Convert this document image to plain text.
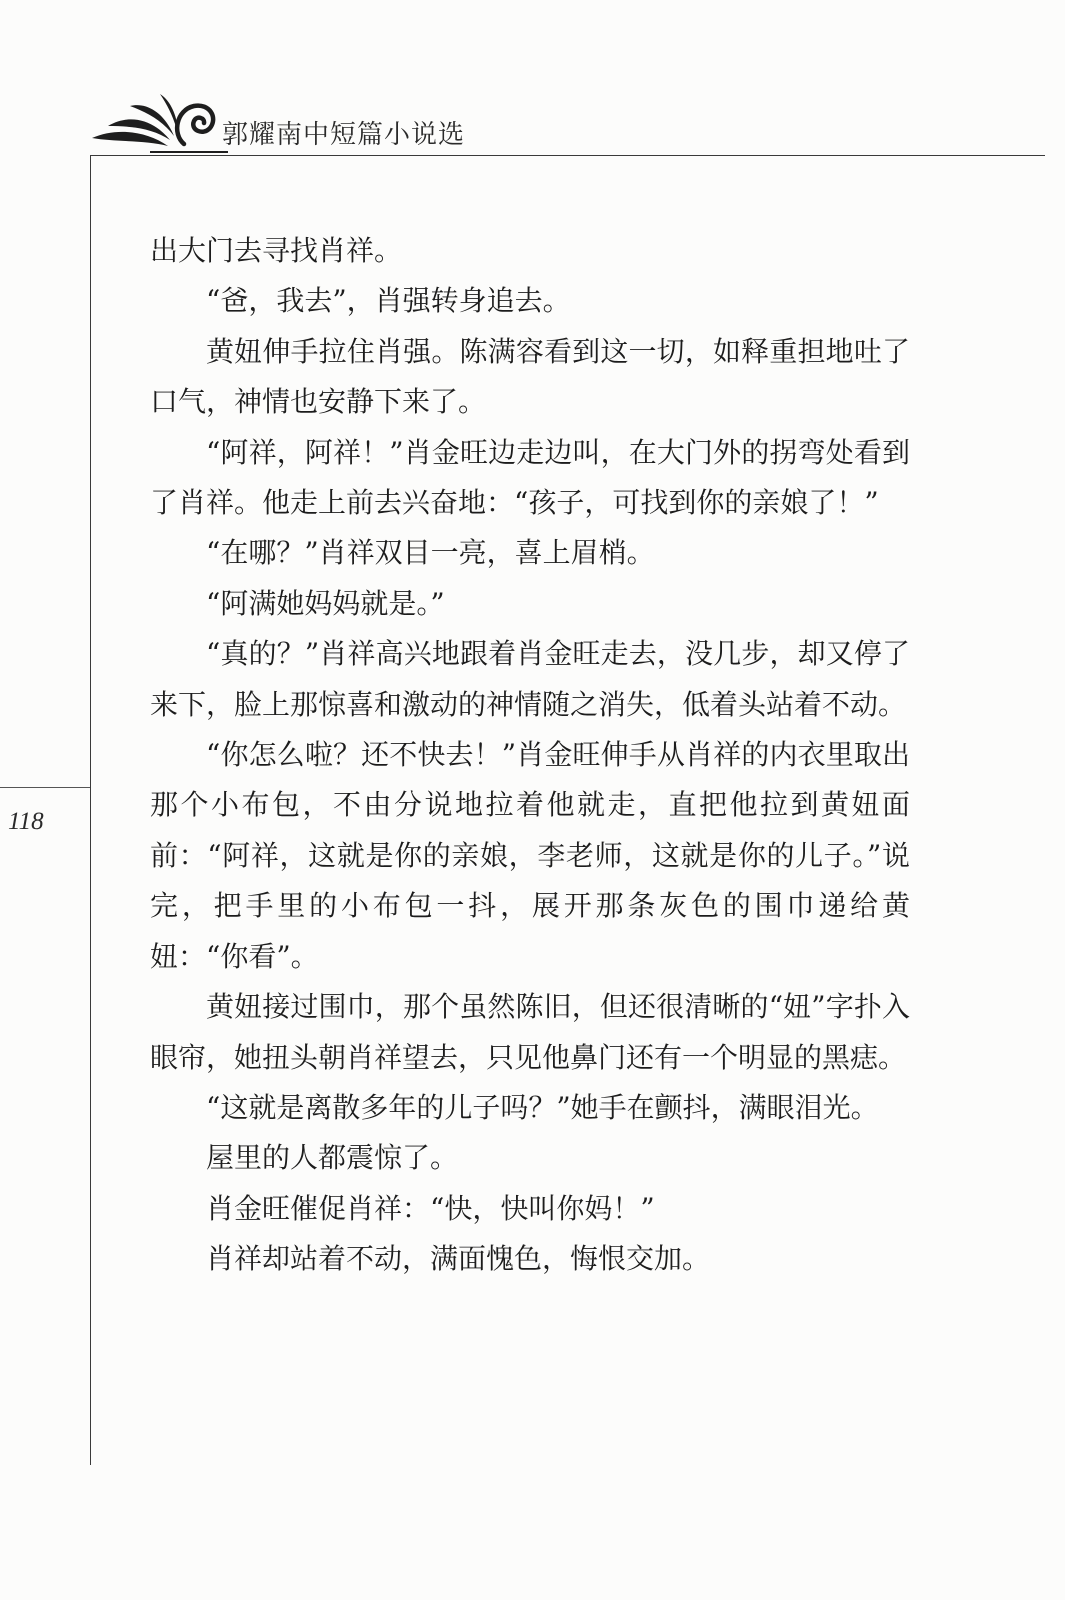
郭耀南中短篇小说选
118

出大门去寻找肖祥。

“爸，我去”，肖强转身追去。

黄妞伸手拉住肖强。陈满容看到这一切，如释重担地吐了口气，神情也安静下来了。

“阿祥，阿祥！”肖金旺边走边叫，在大门外的拐弯处看到了肖祥。他走上前去兴奋地：“孩子，可找到你的亲娘了！”

“在哪？”肖祥双目一亮，喜上眉梢。

“阿满她妈妈就是。”

“真的？”肖祥高兴地跟着肖金旺走去，没几步，却又停了来下，脸上那惊喜和激动的神情随之消失，低着头站着不动。

“你怎么啦？还不快去！”肖金旺伸手从肖祥的内衣里取出那个小布包，不由分说地拉着他就走，直把他拉到黄妞面前：“阿祥，这就是你的亲娘，李老师，这就是你的儿子。”说完，把手里的小布包一抖，展开那条灰色的围巾递给黄妞：“你看”。

黄妞接过围巾，那个虽然陈旧，但还很清晰的“妞”字扑入眼帘，她扭头朝肖祥望去，只见他鼻门还有一个明显的黑痣。

“这就是离散多年的儿子吗？”她手在颤抖，满眼泪光。

屋里的人都震惊了。

肖金旺催促肖祥：“快，快叫你妈！”

肖祥却站着不动，满面愧色，悔恨交加。
